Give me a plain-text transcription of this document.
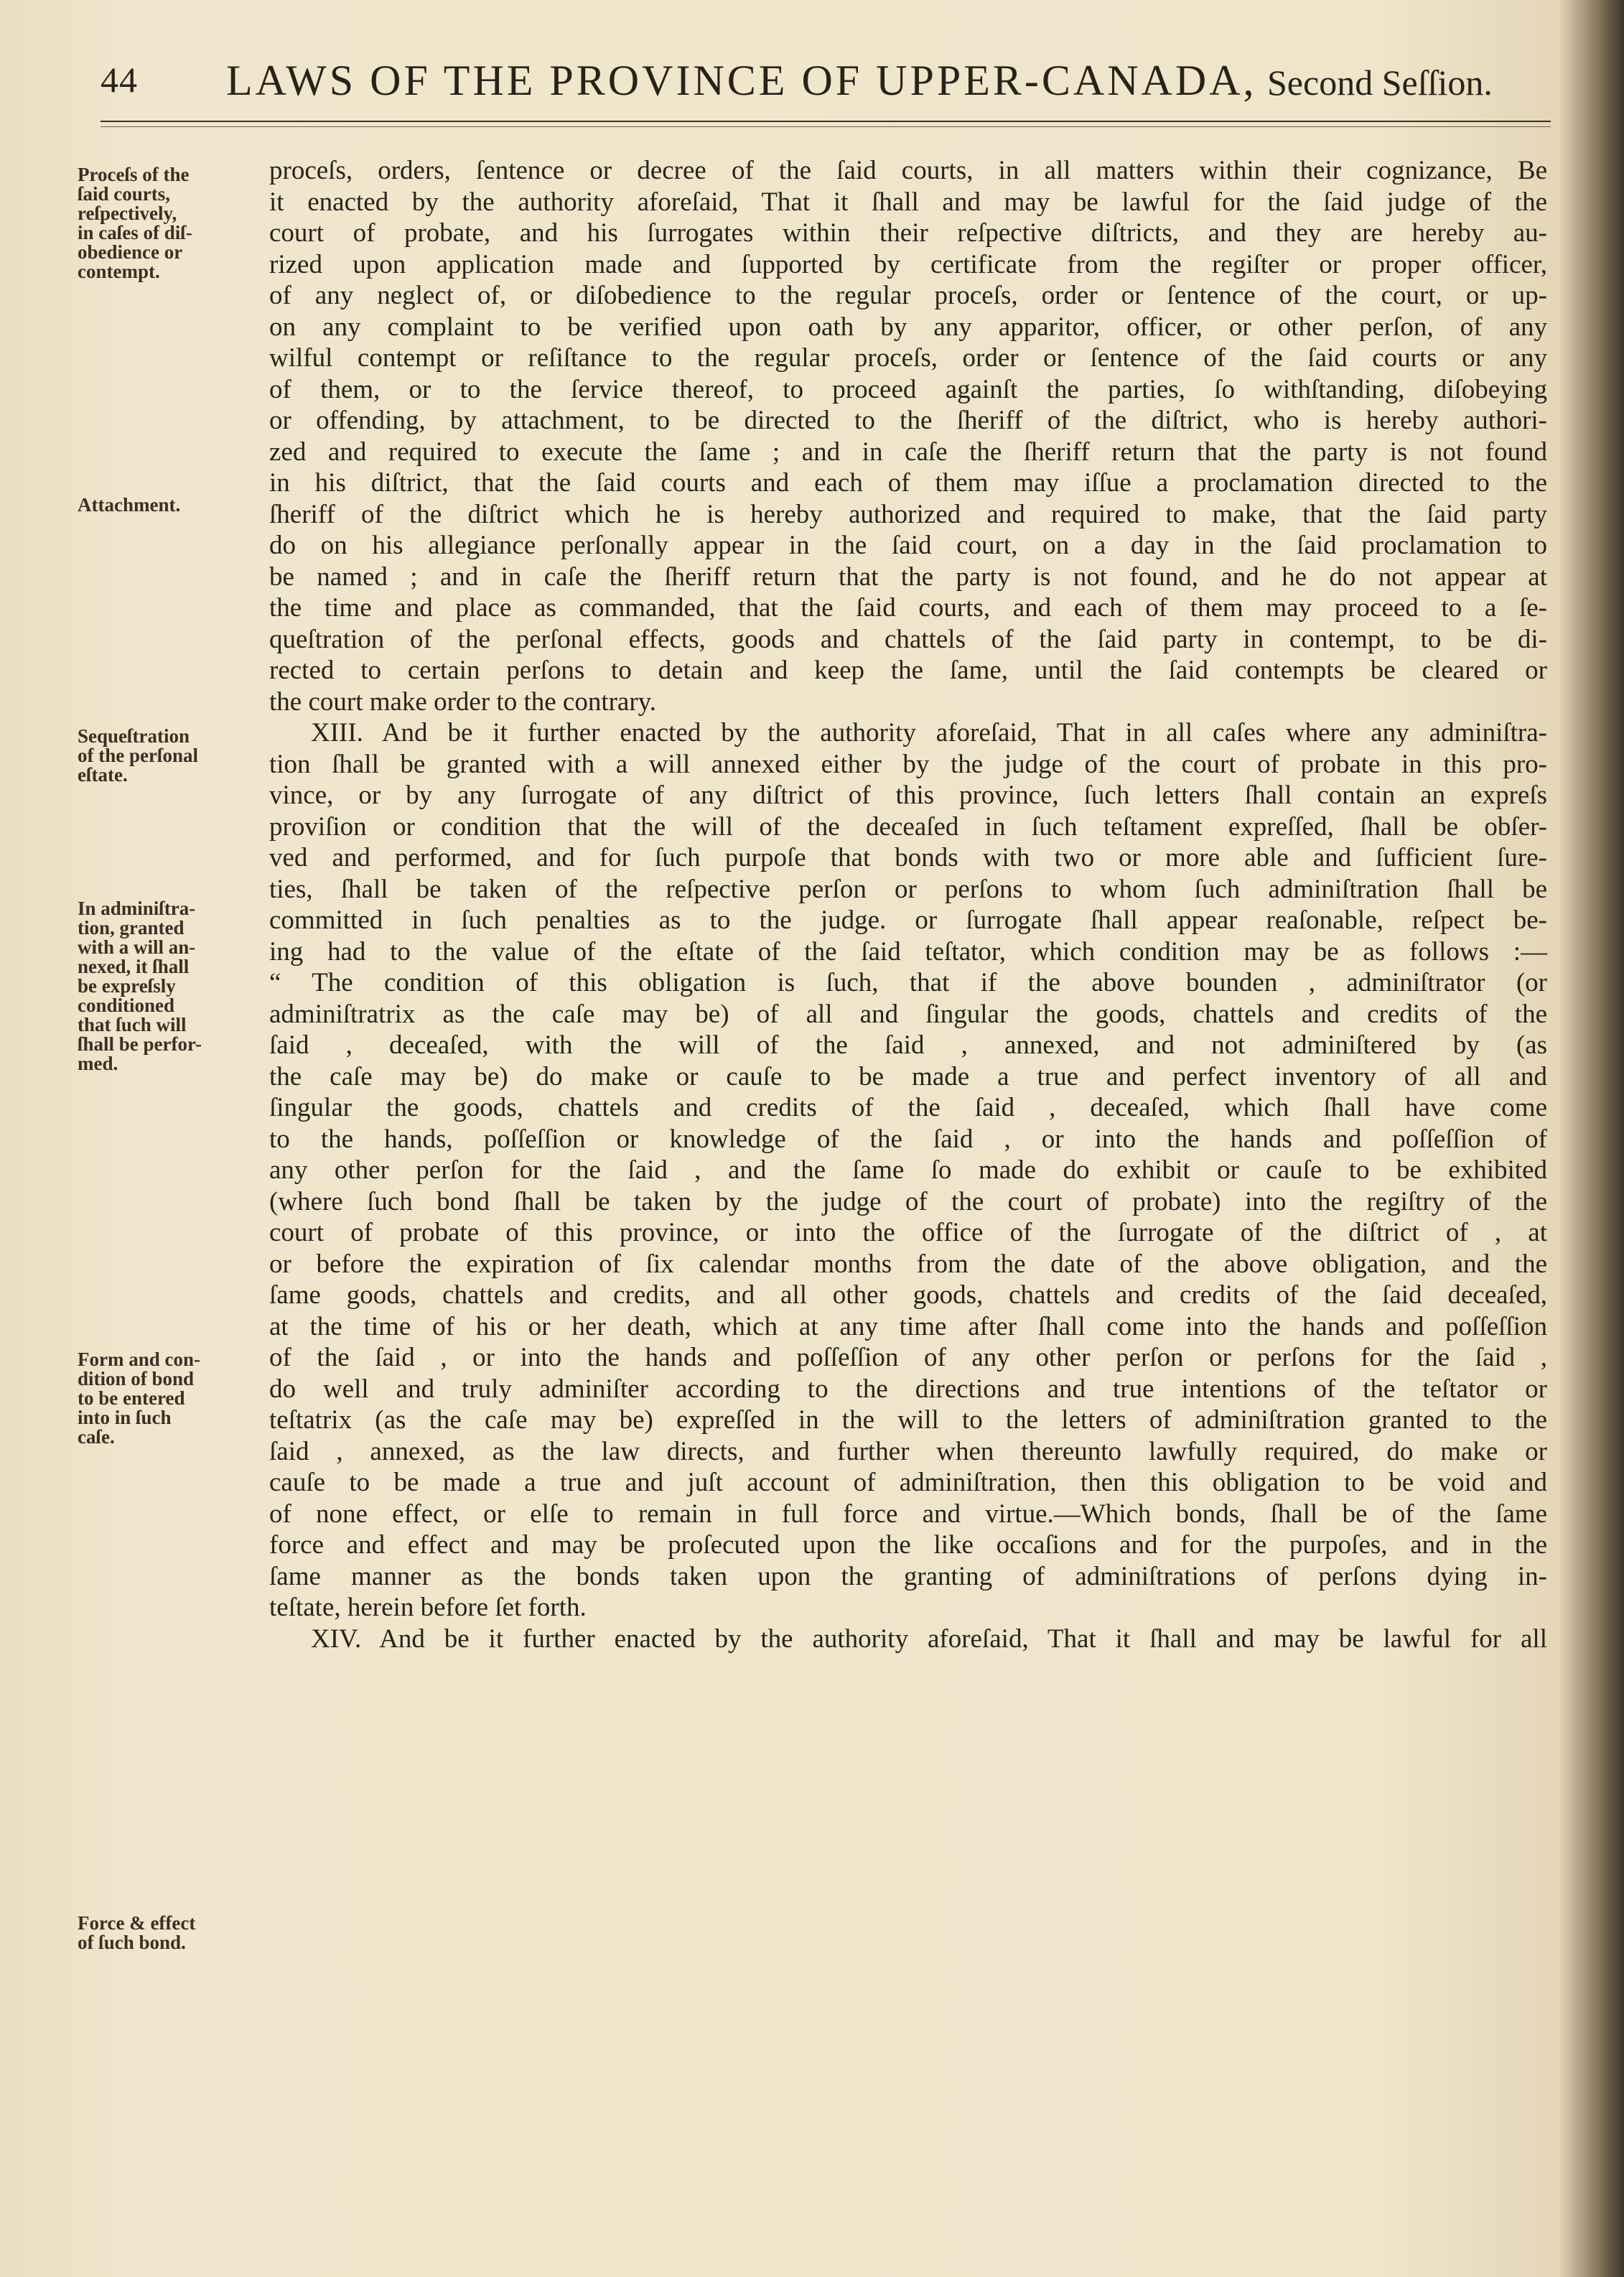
44 LAWS OF THE PROVINCE OF UPPER-CANADA, Second Seſſion.
Proceſs of the
ſaid courts,
reſpectively,
in caſes of diſ-
obedience or
contempt.
Attachment.
Sequeſtration
of the perſonal
eſtate.
In adminiſtra-
tion, granted
with a will an-
nexed, it ſhall
be expreſsly
conditioned
that ſuch will
ſhall be perfor-
med.
Form and con-
dition of bond
to be entered
into in ſuch
caſe.
Force & effect
of ſuch bond.
proceſs, orders, ſentence or decree of the ſaid courts, in all matters within their cognizance, Be
it enacted by the authority aforeſaid, That it ſhall and may be lawful for the ſaid judge of the
court of probate, and his ſurrogates within their reſpective diſtricts, and they are hereby au-
rized upon application made and ſupported by certificate from the regiſter or proper officer,
of any neglect of, or diſobedience to the regular proceſs, order or ſentence of the court, or up-
on any complaint to be verified upon oath by any apparitor, officer, or other perſon, of any
wilful contempt or reſiſtance to the regular proceſs, order or ſentence of the ſaid courts or any
of them, or to the ſervice thereof, to proceed againſt the parties, ſo withſtanding, diſobeying
or offending, by attachment, to be directed to the ſheriff of the diſtrict, who is hereby authori-
zed and required to execute the ſame ; and in caſe the ſheriff return that the party is not found
in his diſtrict, that the ſaid courts and each of them may iſſue a proclamation directed to the
ſheriff of the diſtrict which he is hereby authorized and required to make, that the ſaid party
do on his allegiance perſonally appear in the ſaid court, on a day in the ſaid proclamation to
be named ; and in caſe the ſheriff return that the party is not found, and he do not appear at
the time and place as commanded, that the ſaid courts, and each of them may proceed to a ſe-
queſtration of the perſonal effects, goods and chattels of the ſaid party in contempt, to be di-
rected to certain perſons to detain and keep the ſame, until the ſaid contempts be cleared or
the court make order to the contrary.
XIII. And be it further enacted by the authority aforeſaid, That in all caſes where any adminiſtra-
tion ſhall be granted with a will annexed either by the judge of the court of probate in this pro-
vince, or by any ſurrogate of any diſtrict of this province, ſuch letters ſhall contain an expreſs
proviſion or condition that the will of the deceaſed in ſuch teſtament expreſſed, ſhall be obſer-
ved and performed, and for ſuch purpoſe that bonds with two or more able and ſufficient ſure-
ties, ſhall be taken of the reſpective perſon or perſons to whom ſuch adminiſtration ſhall be
committed in ſuch penalties as to the judge. or ſurrogate ſhall appear reaſonable, reſpect be-
ing had to the value of the eſtate of the ſaid teſtator, which condition may be as follows :—
“ The condition of this obligation is ſuch, that if the above bounden , adminiſtrator (or
adminiſtratrix as the caſe may be) of all and ſingular the goods, chattels and credits of the
ſaid , deceaſed, with the will of the ſaid , annexed, and not adminiſtered by (as
the caſe may be) do make or cauſe to be made a true and perfect inventory of all and
ſingular the goods, chattels and credits of the ſaid , deceaſed, which ſhall have come
to the hands, poſſeſſion or knowledge of the ſaid , or into the hands and poſſeſſion of
any other perſon for the ſaid , and the ſame ſo made do exhibit or cauſe to be exhibited
(where ſuch bond ſhall be taken by the judge of the court of probate) into the regiſtry of the
court of probate of this province, or into the office of the ſurrogate of the diſtrict of , at
or before the expiration of ſix calendar months from the date of the above obligation, and the
ſame goods, chattels and credits, and all other goods, chattels and credits of the ſaid deceaſed,
at the time of his or her death, which at any time after ſhall come into the hands and poſſeſſion
of the ſaid , or into the hands and poſſeſſion of any other perſon or perſons for the ſaid ,
do well and truly adminiſter according to the directions and true intentions of the teſtator or
teſtatrix (as the caſe may be) expreſſed in the will to the letters of adminiſtration granted to the
ſaid , annexed, as the law directs, and further when thereunto lawfully required, do make or
cauſe to be made a true and juſt account of adminiſtration, then this obligation to be void and
of none effect, or elſe to remain in full force and virtue.—Which bonds, ſhall be of the ſame
force and effect and may be proſecuted upon the like occaſions and for the purpoſes, and in the
ſame manner as the bonds taken upon the granting of adminiſtrations of perſons dying in-
teſtate, herein before ſet forth.
XIV. And be it further enacted by the authority aforeſaid, That it ſhall and may be lawful for all
